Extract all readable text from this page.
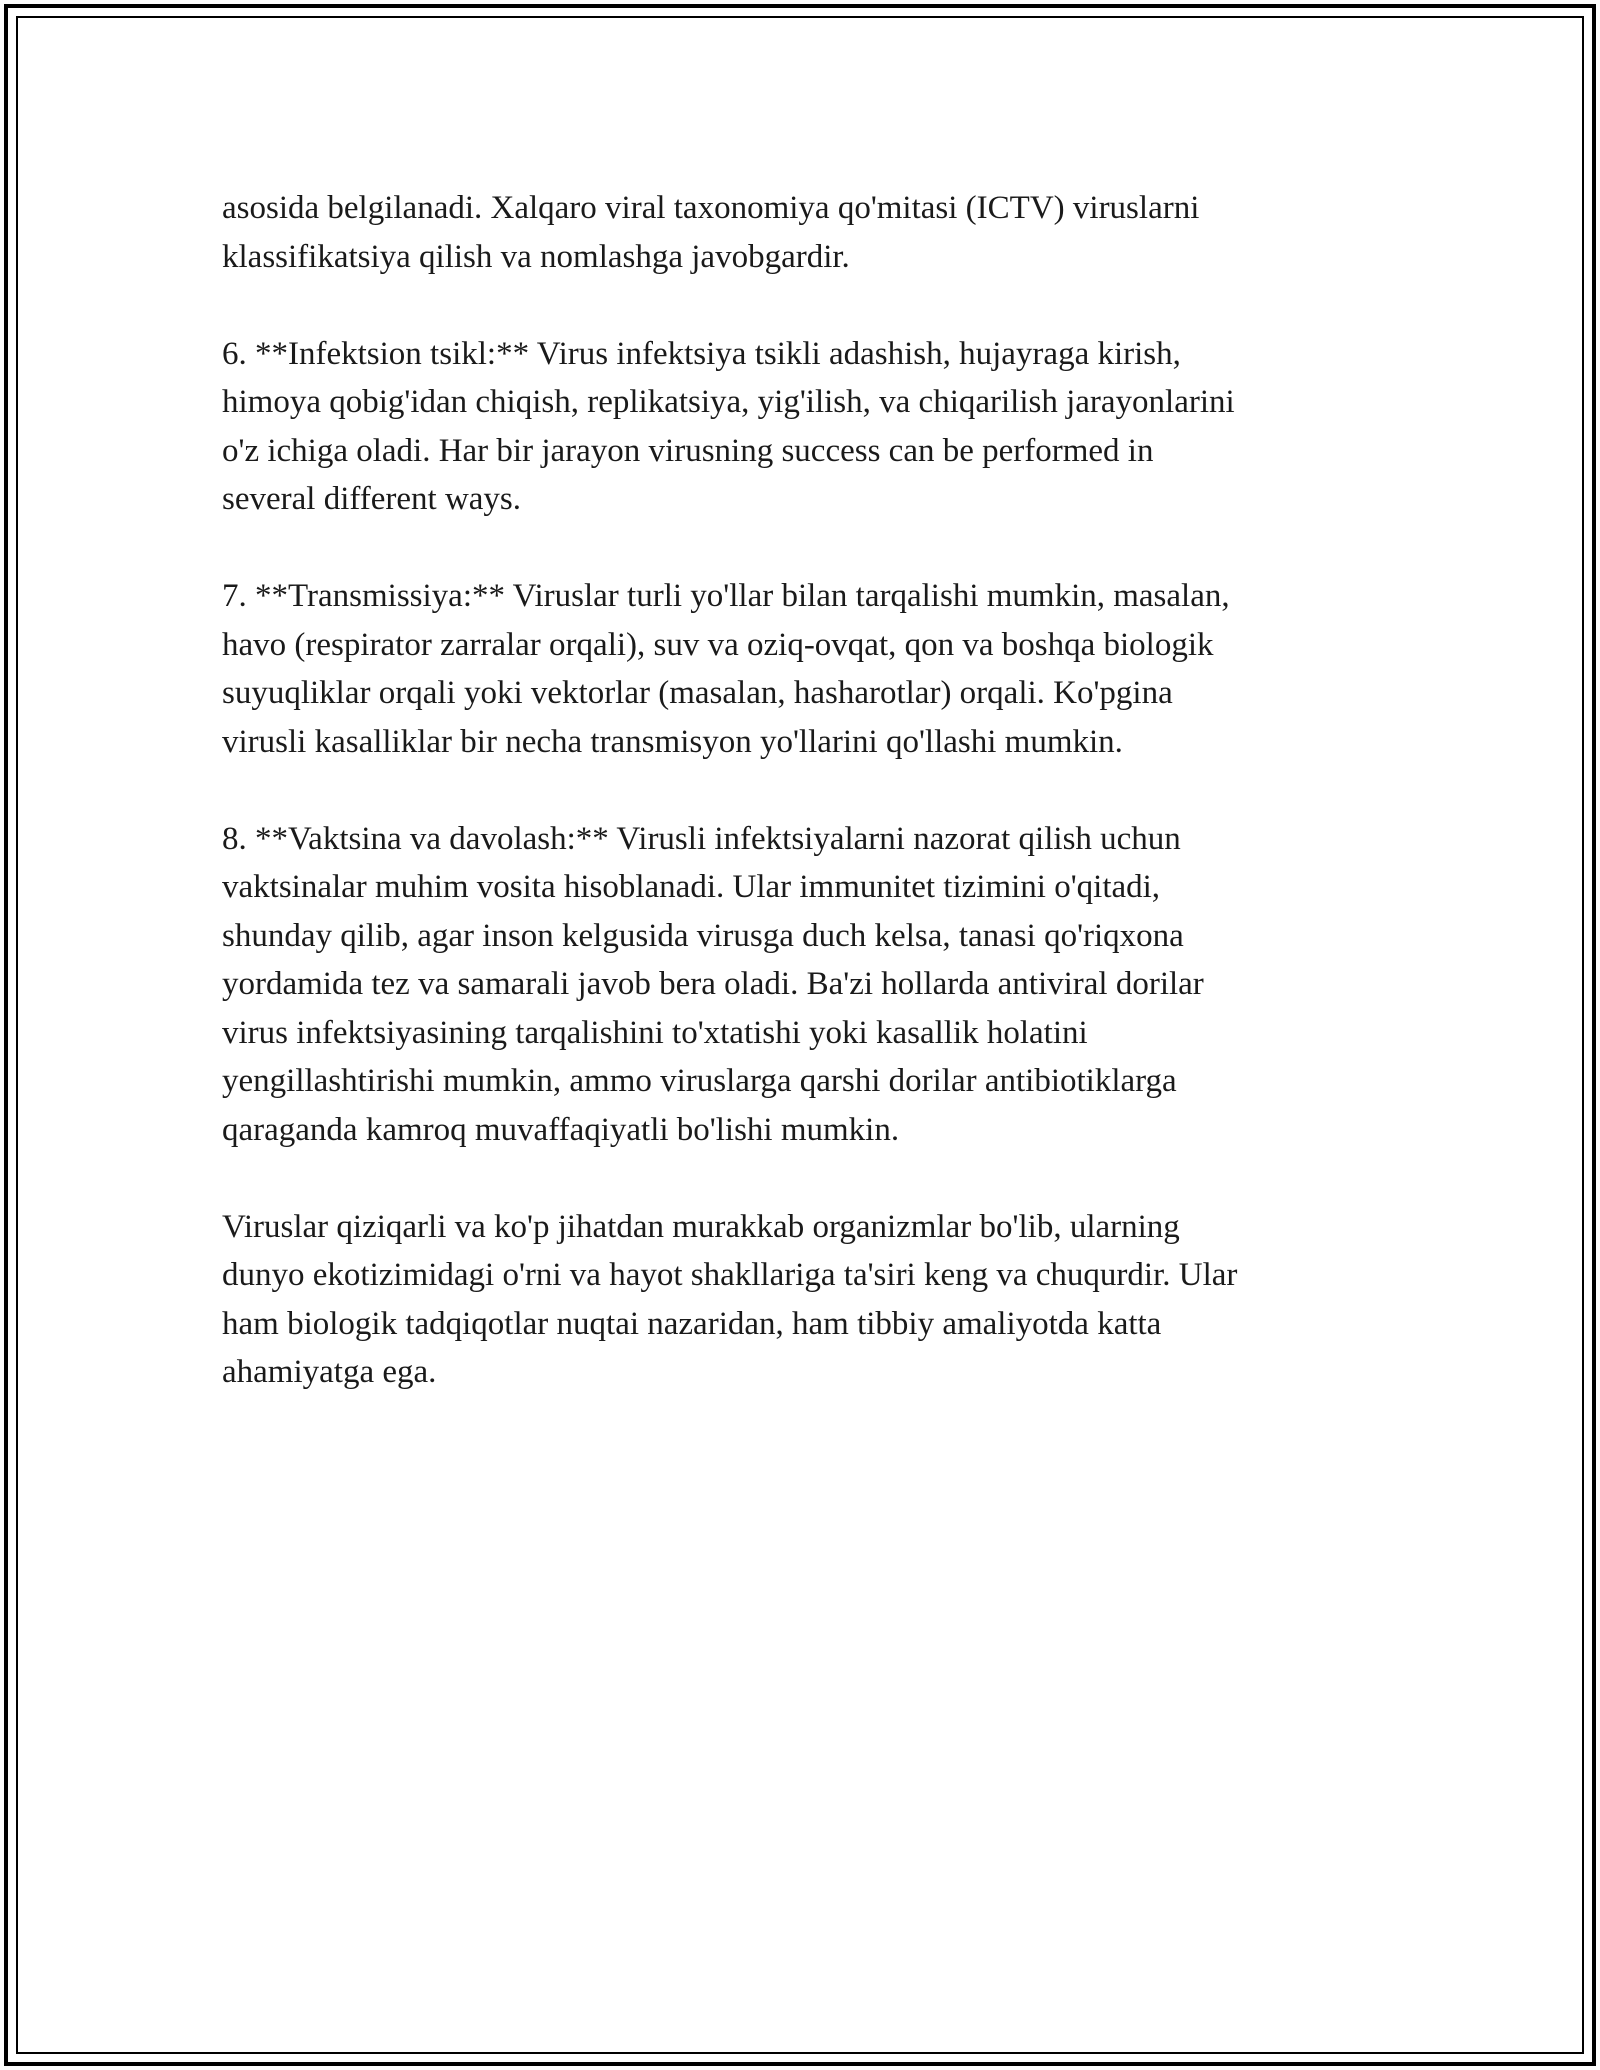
asosida belgilanadi. Xalqaro viral taxonomiya qo'mitasi (ICTV) viruslarni
klassifikatsiya qilish va nomlashga javobgardir.

6. **Infektsion tsikl:** Virus infektsiya tsikli adashish, hujayraga kirish,
himoya qobig'idan chiqish, replikatsiya, yig'ilish, va chiqarilish jarayonlarini
o'z ichiga oladi. Har bir jarayon virusning success can be performed in
several different ways.

7. **Transmissiya:** Viruslar turli yo'llar bilan tarqalishi mumkin, masalan,
havo (respirator zarralar orqali), suv va oziq-ovqat, qon va boshqa biologik
suyuqliklar orqali yoki vektorlar (masalan, hasharotlar) orqali. Ko'pgina
virusli kasalliklar bir necha transmisyon yo'llarini qo'llashi mumkin.

8. **Vaktsina va davolash:** Virusli infektsiyalarni nazorat qilish uchun
vaktsinalar muhim vosita hisoblanadi. Ular immunitet tizimini o'qitadi,
shunday qilib, agar inson kelgusida virusga duch kelsa, tanasi qo'riqxona
yordamida tez va samarali javob bera oladi. Ba'zi hollarda antiviral dorilar
virus infektsiyasining tarqalishini to'xtatishi yoki kasallik holatini
yengillashtirishi mumkin, ammo viruslarga qarshi dorilar antibiotiklarga
qaraganda kamroq muvaffaqiyatli bo'lishi mumkin.

Viruslar qiziqarli va ko'p jihatdan murakkab organizmlar bo'lib, ularning
dunyo ekotizimidagi o'rni va hayot shakllariga ta'siri keng va chuqurdir. Ular
ham biologik tadqiqotlar nuqtai nazaridan, ham tibbiy amaliyotda katta
ahamiyatga ega.
